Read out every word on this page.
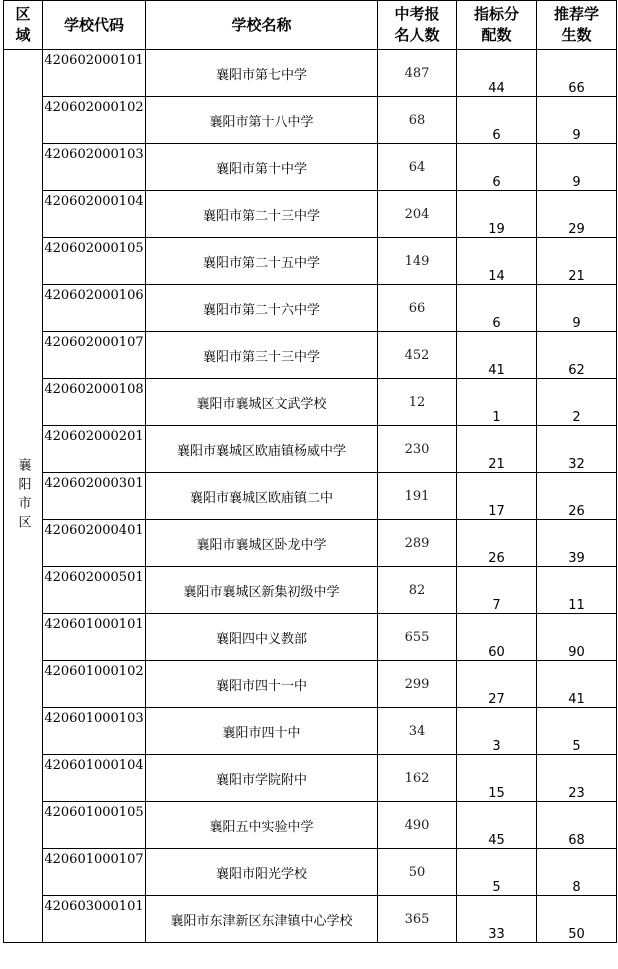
区域	学校代码	学校名称	中考报名人数	指标分配数	推荐学生数
襄阳市区	420602000101	襄阳市第七中学	487	44	66
	420602000102	襄阳市第十八中学	68	6	9
	420602000103	襄阳市第十中学	64	6	9
	420602000104	襄阳市第二十三中学	204	19	29
	420602000105	襄阳市第二十五中学	149	14	21
	420602000106	襄阳市第二十六中学	66	6	9
	420602000107	襄阳市第三十三中学	452	41	62
	420602000108	襄阳市襄城区文武学校	12	1	2
	420602000201	襄阳市襄城区欧庙镇杨威中学	230	21	32
	420602000301	襄阳市襄城区欧庙镇二中	191	17	26
	420602000401	襄阳市襄城区卧龙中学	289	26	39
	420602000501	襄阳市襄城区新集初级中学	82	7	11
	420601000101	襄阳四中义教部	655	60	90
	420601000102	襄阳市四十一中	299	27	41
	420601000103	襄阳市四十中	34	3	5
	420601000104	襄阳市学院附中	162	15	23
	420601000105	襄阳五中实验中学	490	45	68
	420601000107	襄阳市阳光学校	50	5	8
	420603000101	襄阳市东津新区东津镇中心学校	365	33	50
